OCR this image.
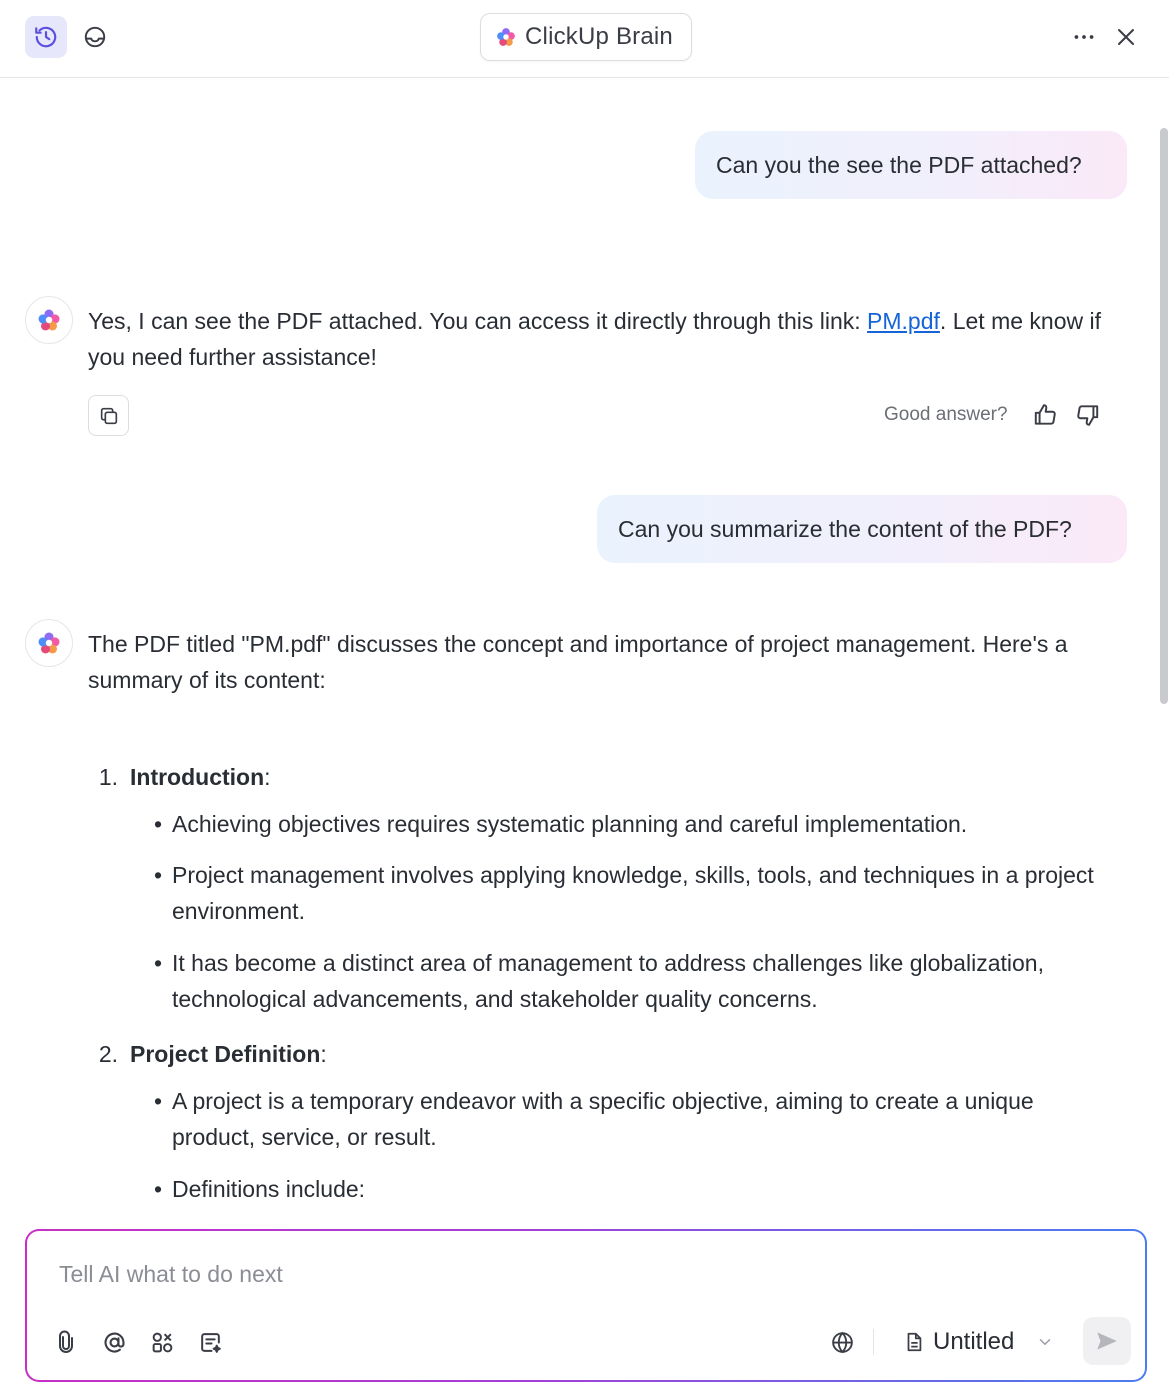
ClickUp Brain
Can you the see the PDF attached?
Yes, I can see the PDF attached. You can access it directly through this link: PM.pdf. Let me know if you need further assistance!
Good answer?
Can you summarize the content of the PDF?
The PDF titled "PM.pdf" discusses the concept and importance of project management. Here's a summary of its content:
1. Introduction:
• Achieving objectives requires systematic planning and careful implementation.
• Project management involves applying knowledge, skills, tools, and techniques in a project environment.
• It has become a distinct area of management to address challenges like globalization, technological advancements, and stakeholder quality concerns.
2. Project Definition:
• A project is a temporary endeavor with a specific objective, aiming to create a unique product, service, or result.
• Definitions include:
Tell AI what to do next
Untitled
